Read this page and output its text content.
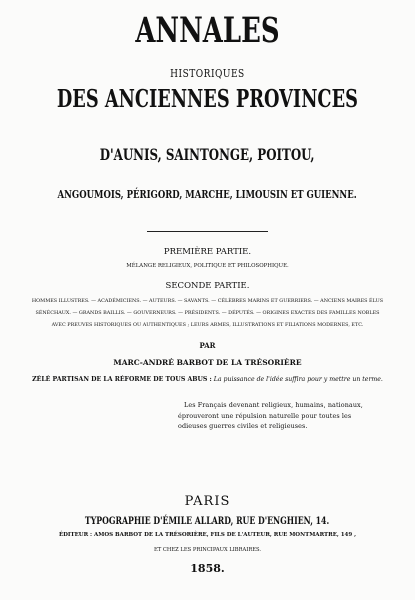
ANNALES
HISTORIQUES
DES ANCIENNES PROVINCES
D'AUNIS, SAINTONGE, POITOU,
ANGOUMOIS, PÉRIGORD, MARCHE, LIMOUSIN ET GUIENNE.
PREMIÈRE PARTIE.
MÉLANGE RELIGIEUX, POLITIQUE ET PHILOSOPHIQUE.
SECONDE PARTIE.
HOMMES ILLUSTRES. — ACADÉMICIENS. — AUTEURS. — SAVANTS. — CÉLÈBRES MARINS ET GUERRIERS. — ANCIENS MAIRES ÉLUS
SÉNÉCHAUX. — GRANDS BAILLIS. — GOUVERNEURS. — PRÉSIDENTS. — DÉPUTÉS. — ORIGINES EXACTES DES FAMILLES NOBLES
AVEC PREUVES HISTORIQUES OU AUTHENTIQUES ; LEURS ARMES, ILLUSTRATIONS ET FILIATIONS MODERNES, ETC.
PAR
MARC-ANDRÉ BARBOT DE LA TRÉSORIÈRE
ZÉLÉ PARTISAN DE LA RÉFORME DE TOUS ABUS : La puissance de l'idée suffira pour y mettre un terme.
Les Français devenant religieux, humains, nationaux,
éprouveront une répulsion naturelle pour toutes les
odieuses guerres civiles et religieuses.
PARIS
TYPOGRAPHIE D'ÉMILE ALLARD, RUE D'ENGHIEN, 14.
ÉDITEUR : AMOS BARBOT DE LA TRÉSORIÈRE, FILS DE L'AUTEUR, RUE MONTMARTRE, 149 ,
ET CHEZ LES PRINCIPAUX LIBRAIRES.
1858.
